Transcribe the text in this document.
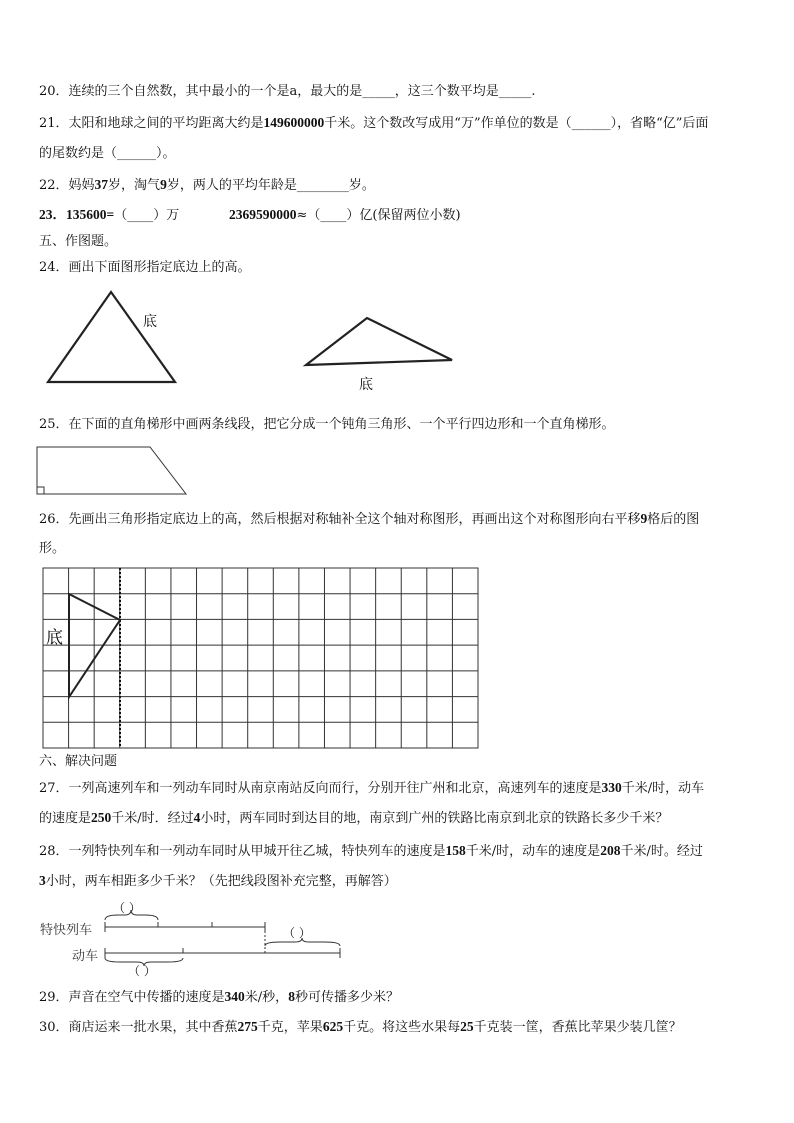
20．连续的三个自然数，其中最小的一个是a，最大的是_____，这三个数平均是_____.
21．太阳和地球之间的平均距离大约是149600000千米。这个数改写成用“万”作单位的数是（______），省略“亿”后面
的尾数约是（______）。
22．妈妈37岁，淘气9岁，两人的平均年龄是________岁。
23．135600=（____）万	2369590000≈（____）亿(保留两位小数)
五、作图题。
24．画出下面图形指定底边上的高。
底
底
25．在下面的直角梯形中画两条线段，把它分成一个钝角三角形、一个平行四边形和一个直角梯形。
26．先画出三角形指定底边上的高，然后根据对称轴补全这个轴对称图形，再画出这个对称图形向右平移9格后的图
形。
底
六、解决问题
27．一列高速列车和一列动车同时从南京南站反向而行，分别开往广州和北京，高速列车的速度是330千米/时，动车
的速度是250千米/时．经过4小时，两车同时到达目的地，南京到广州的铁路比南京到北京的铁路长多少千米？
28．一列特快列车和一列动车同时从甲城开往乙城，特快列车的速度是158千米/时，动车的速度是208千米/时。经过
3小时，两车相距多少千米？（先把线段图补充完整，再解答）
特快列车
动车
（ ）
（ ）
（ ）
29．声音在空气中传播的速度是340米/秒，8秒可传播多少米？
30．商店运来一批水果，其中香蕉275千克，苹果625千克。将这些水果每25千克装一筐，香蕉比苹果少装几筐？
